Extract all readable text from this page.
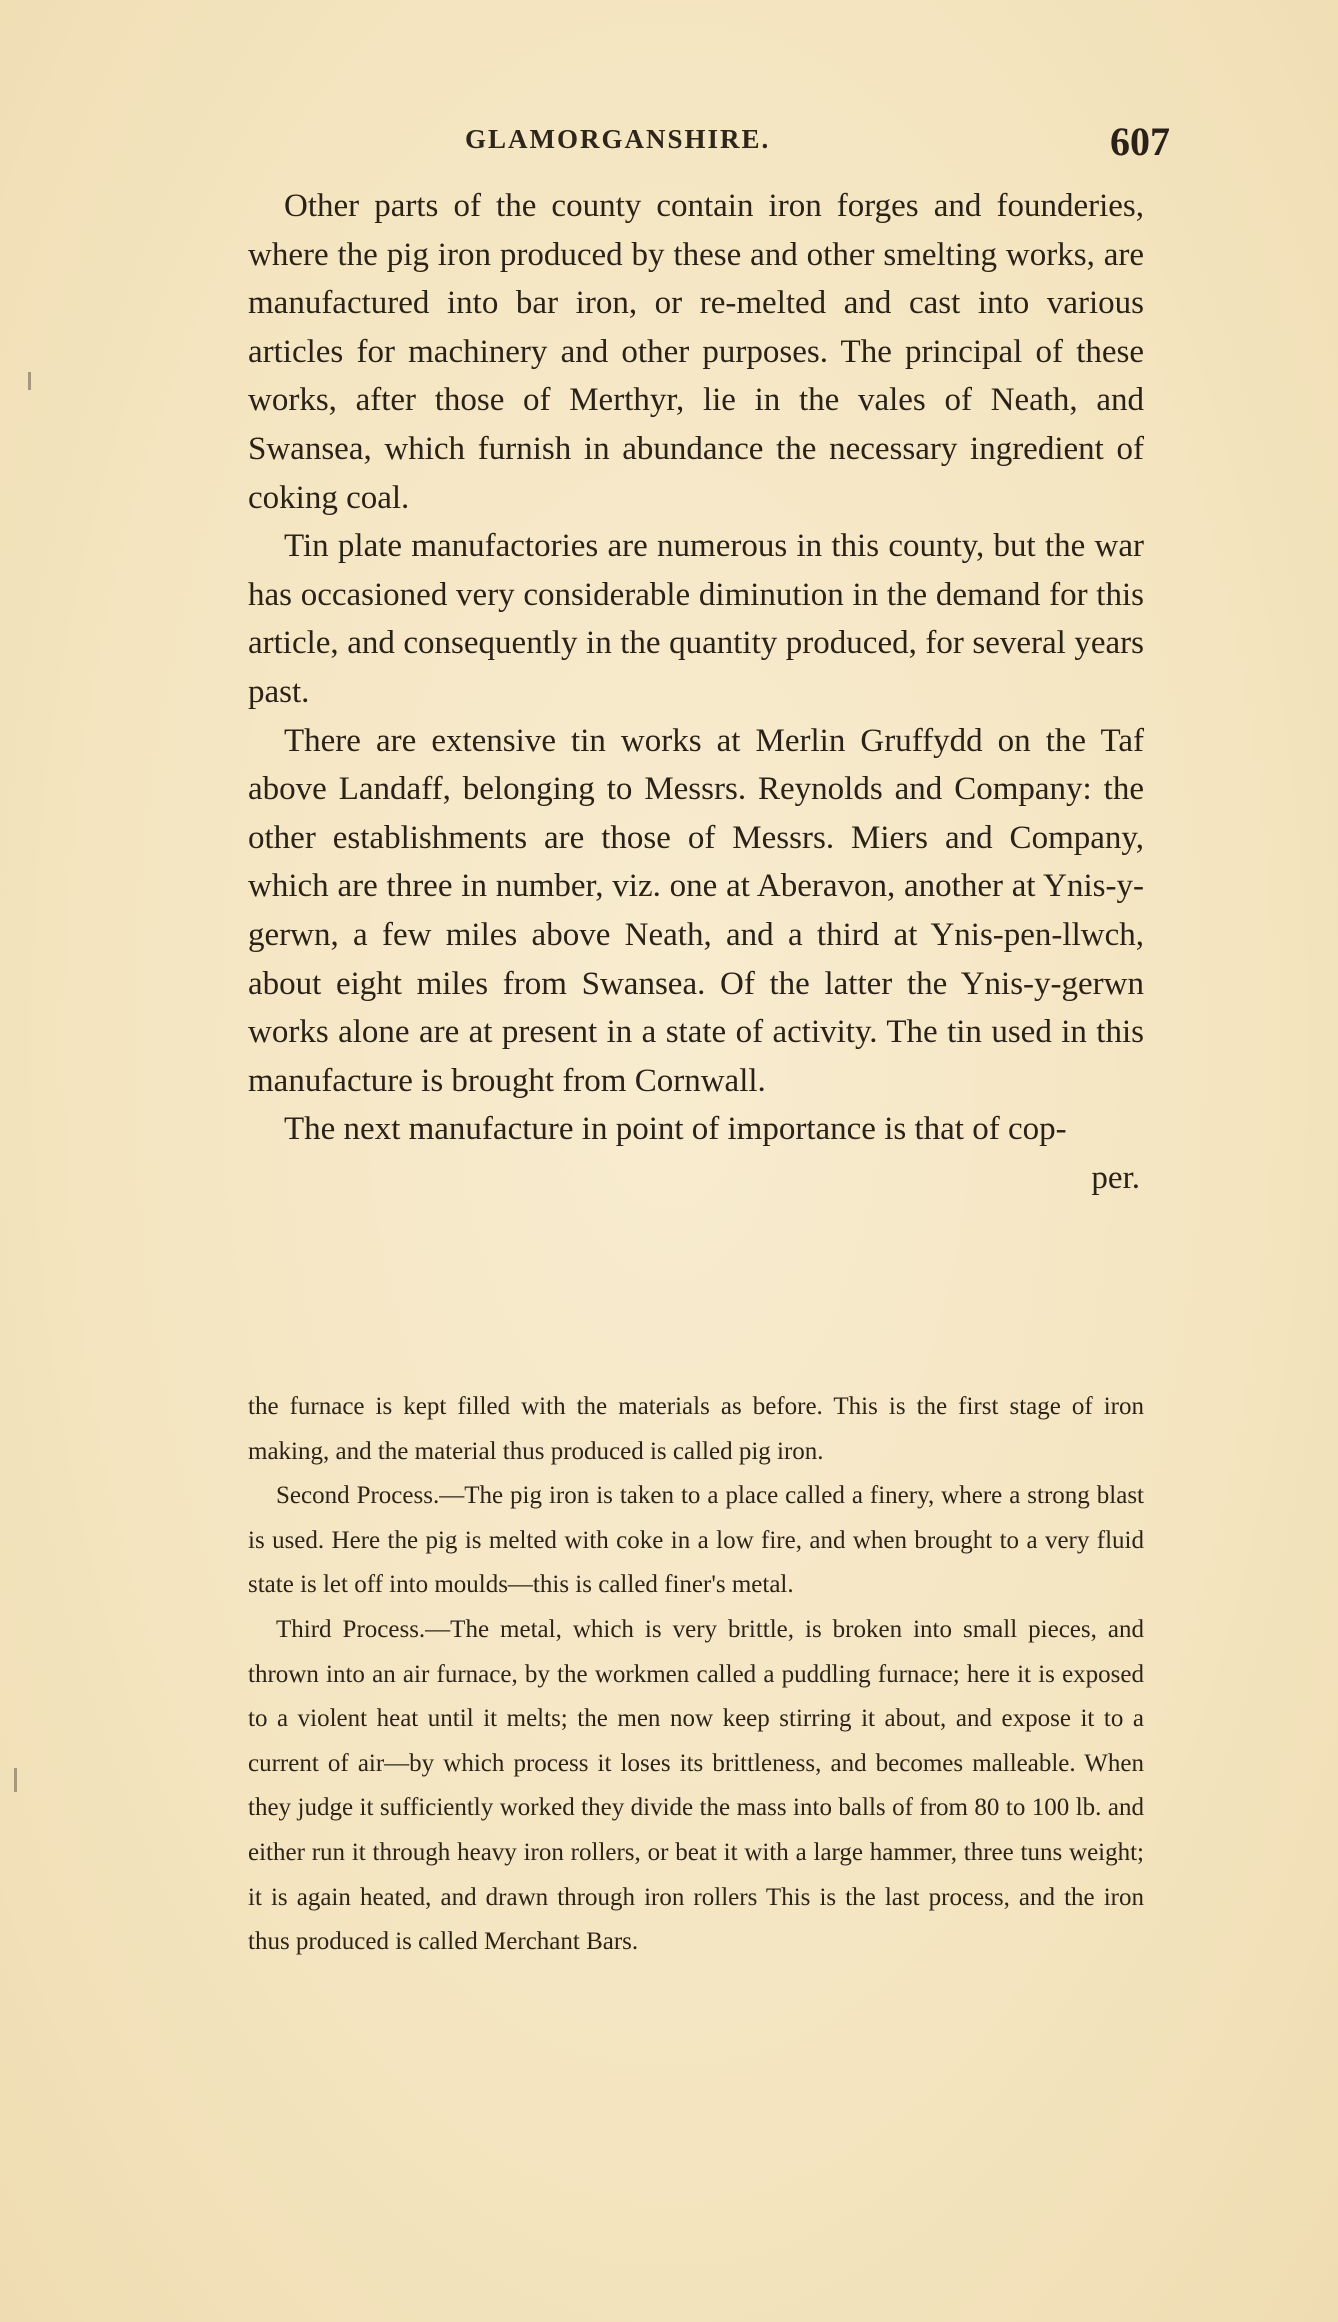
GLAMORGANSHIRE.	607

Other parts of the county contain iron forges and founderies, where the pig iron produced by these and other smelting works, are manufactured into bar iron, or re-melted and cast into various articles for machinery and other purposes. The principal of these works, after those of Merthyr, lie in the vales of Neath, and Swansea, which furnish in abundance the necessary ingredient of coking coal.

Tin plate manufactories are numerous in this county, but the war has occasioned very considerable diminution in the demand for this article, and consequently in the quantity produced, for several years past.

There are extensive tin works at Merlin Gruffydd on the Taf above Landaff, belonging to Messrs. Reynolds and Company: the other establishments are those of Messrs. Miers and Company, which are three in number, viz. one at Aberavon, another at Ynis-y-gerwn, a few miles above Neath, and a third at Ynis-pen-llwch, about eight miles from Swansea. Of the latter the Ynis-y-gerwn works alone are at present in a state of activity. The tin used in this manufacture is brought from Cornwall.

The next manufacture in point of importance is that of cop-

per.

the furnace is kept filled with the materials as before. This is the first stage of iron making, and the material thus produced is called pig iron.

Second Process.—The pig iron is taken to a place called a finery, where a strong blast is used. Here the pig is melted with coke in a low fire, and when brought to a very fluid state is let off into moulds—this is called finer's metal.

Third Process.—The metal, which is very brittle, is broken into small pieces, and thrown into an air furnace, by the workmen called a puddling furnace; here it is exposed to a violent heat until it melts; the men now keep stirring it about, and expose it to a current of air—by which process it loses its brittleness, and becomes malleable. When they judge it sufficiently worked they divide the mass into balls of from 80 to 100 lb. and either run it through heavy iron rollers, or beat it with a large hammer, three tuns weight; it is again heated, and drawn through iron rollers This is the last process, and the iron thus produced is called Merchant Bars.
